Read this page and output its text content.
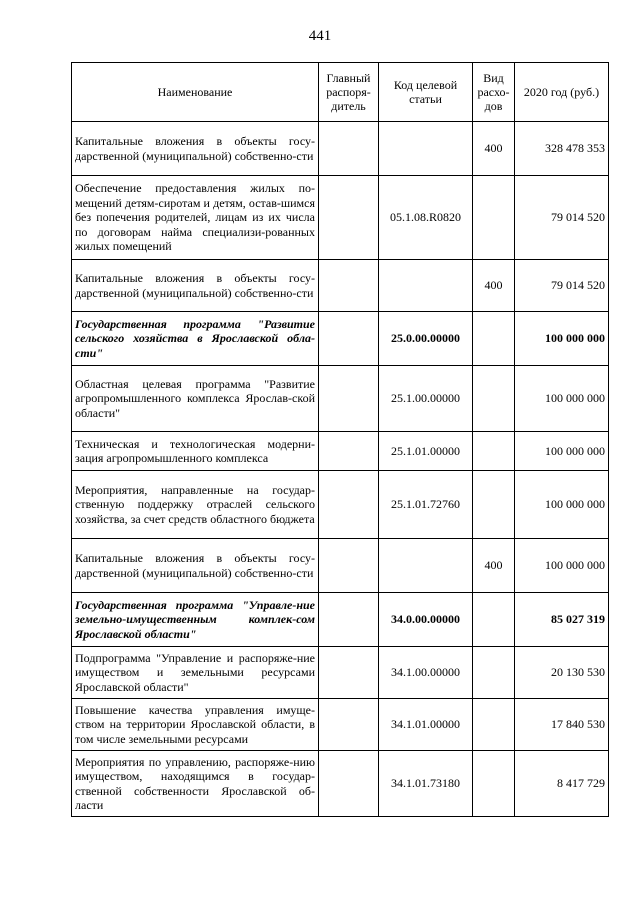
441
Наименование	Главный распоря-дитель	Код целевой статьи	Вид расхо-дов	2020 год (руб.)
Капитальные вложения в объекты госу-дарственной (муниципальной) собственно-сти			400	328 478 353
Обеспечение предоставления жилых по-мещений детям-сиротам и детям, остав-шимся без попечения родителей, лицам из их числа по договорам найма специализи-рованных жилых помещений		05.1.08.R0820		79 014 520
Капитальные вложения в объекты госу-дарственной (муниципальной) собственно-сти			400	79 014 520
Государственная программа "Развитие сельского хозяйства в Ярославской обла-сти"		25.0.00.00000		100 000 000
Областная целевая программа "Развитие агропромышленного комплекса Ярослав-ской области"		25.1.00.00000		100 000 000
Техническая и технологическая модерни-зация агропромышленного комплекса		25.1.01.00000		100 000 000
Мероприятия, направленные на государ-ственную поддержку отраслей сельского хозяйства, за счет средств областного бюджета		25.1.01.72760		100 000 000
Капитальные вложения в объекты госу-дарственной (муниципальной) собственно-сти			400	100 000 000
Государственная программа "Управле-ние земельно-имущественным комплек-сом Ярославской области"		34.0.00.00000		85 027 319
Подпрограмма "Управление и распоряже-ние имуществом и земельными ресурсами Ярославской области"		34.1.00.00000		20 130 530
Повышение качества управления имуще-ством на территории Ярославской области, в том числе земельными ресурсами		34.1.01.00000		17 840 530
Мероприятия по управлению, распоряже-нию имуществом, находящимся в государ-ственной собственности Ярославской об-ласти		34.1.01.73180		8 417 729
